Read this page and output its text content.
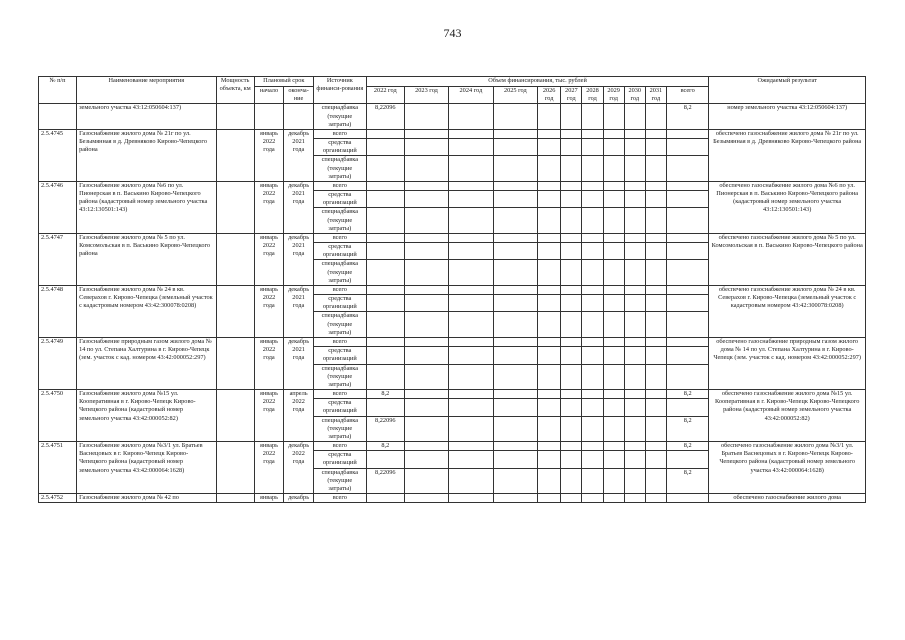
743
№ п/п	Наименование мероприятия	Мощность объекта, км	Плановый срок		Источник финанси-рования	Объем финансирования, тыс. рублей											Ожидаемый результат
			начало	оконча-ние		2022 год	2023 год	2024 год	2025 год	2026 год	2027 год	2028 год	2029 год	2030 год	2031 год	всего	
	земельного участка 43:12:050604:137)				спецнадбавка (текущие затраты)	8,22096										8,2	номер земельного участка 43:12:050604:137)
2.5.4745	Газоснабжение жилого дома № 21г по ул. Безымянная в д. Древняково Кирово-Чепецкого района		январь 2022 года	декабрь 2021 года	всего												обеспечено газоснабжение жилого дома № 21г по ул. Безымянная в д. Древняково Кирово-Чепецкого района
					средства организаций												
					спецнадбавка (текущие затраты)												
2.5.4746	Газоснабжение жилого дома №6 по ул. Пионерская в п. Васькино Кирово-Чепецкого района (кадастровый номер земельного участка 43:12:130501:143)		январь 2022 года	декабрь 2021 года	всего												обеспечено газоснабжение жилого дома №6 по ул. Пионерская в п. Васькино Кирово-Чепецкого района (кадастровый номер земельного участка 43:12:130501:143)
					средства организаций												
					спецнадбавка (текущие затраты)												
2.5.4747	Газоснабжение жилого дома № 5 по ул. Комсомольская в п. Васькино Кирово-Чепецкого района		январь 2022 года	декабрь 2021 года	всего												обеспечено газоснабжение жилого дома № 5 по ул. Комсомольская в п. Васькино Кирово-Чепецкого района
					средства организаций												
					спецнадбавка (текущие затраты)												
2.5.4748	Газоснабжение жилого дома № 24 в кв. Северахов г. Кирово-Чепецка (земельный участок с кадастровым номером 43:42:300078:0208)		январь 2022 года	декабрь 2021 года	всего												обеспечено газоснабжение жилого дома № 24 в кв. Северахов г. Кирово-Чепецка (земельный участок с кадастровым номером 43:42:300078:0208)
					средства организаций												
					спецнадбавка (текущие затраты)												
2.5.4749	Газоснабжение природным газом жилого дома № 14 по ул. Степана Халтурина в г. Кирово-Чепецк (зем. участок с кад. номером 43:42:000052:297)		январь 2022 года	декабрь 2021 года	всего												обеспечено газоснабжение природным газом жилого дома № 14 по ул. Степана Халтурина в г. Кирово-Чепецк (зем. участок с кад. номером 43:42:000052:297)
					средства организаций												
					спецнадбавка (текущие затраты)												
2.5.4750	Газоснабжение жилого дома №15 ул. Кооперативная в г. Кирово-Чепецк Кирово-Чепецкого района (кадастровый номер земельного участка 43:42:000052:82)		январь 2022 года	апрель 2022 года	всего	8,2										8,2	обеспечено газоснабжение жилого дома №15 ул. Кооперативная в г. Кирово-Чепецк Кирово-Чепецкого района (кадастровый номер земельного участка 43:42:000052:82)
					средства организаций												
					спецнадбавка (текущие затраты)	8,22096										8,2	
2.5.4751	Газоснабжение жилого дома №3/1 ул. Братьев Васнецовых в г. Кирово-Чепецк Кирово-Чепецкого района (кадастровый номер земельного участка 43:42:000064:1628)		январь 2022 года	декабрь 2022 года	всего	8,2										8,2	обеспечено газоснабжение жилого дома №3/1 ул. Братьев Васнецовых в г. Кирово-Чепецк Кирово-Чепецкого района (кадастровый номер земельного участка 43:42:000064:1628)
					средства организаций												
					спецнадбавка (текущие затраты)	8,22096										8,2	
2.5.4752	Газоснабжение жилого дома № 42 по		январь	декабрь	всего												обеспечено газоснабжение жилого дома
